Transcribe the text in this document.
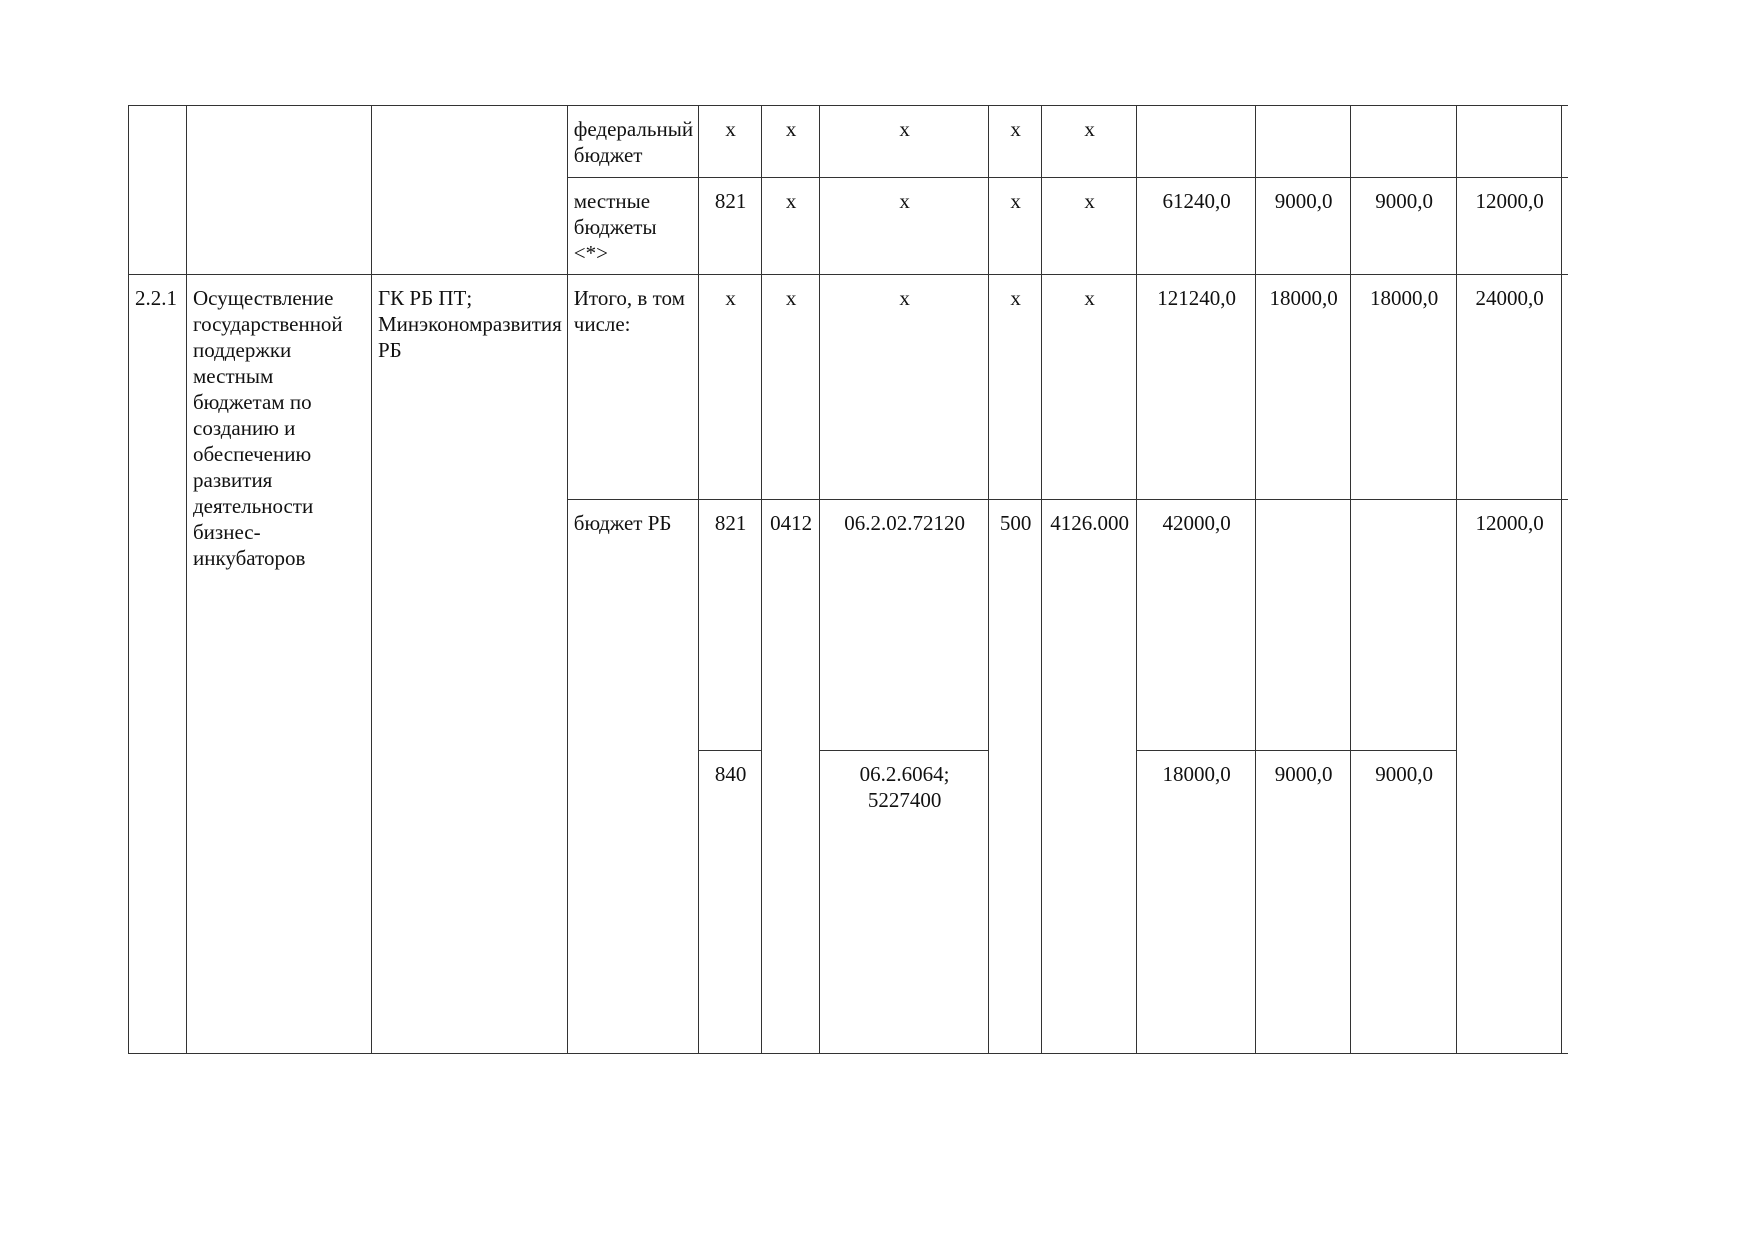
			федеральный бюджет	x	x	x	x	x					
			местные бюджеты <*>	821	x	x	x	x	61240,0	9000,0	9000,0	12000,0	
2.2.1	Осуществление государственной поддержки местным бюджетам по созданию и обеспечению развития деятельности бизнес-инкубаторов	ГК РБ ПТ; Минэкономразвития РБ	Итого, в том числе:	x	x	x	x	x	121240,0	18000,0	18000,0	24000,0	
			бюджет РБ	821	0412	06.2.02.72120	500	4126.000	42000,0			12000,0	
				840		06.2.6064; 5227400			18000,0	9000,0	9000,0		
